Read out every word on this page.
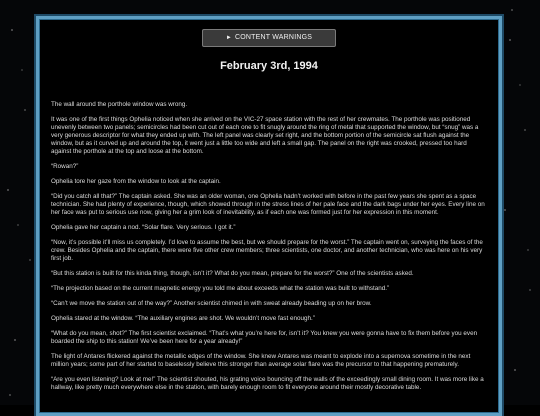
► CONTENT WARNINGS
February 3rd, 1994

The wall around the porthole window was wrong.

It was one of the first things Ophelia noticed when she arrived on the VIC-27 space station with the rest of her crewmates. The porthole was positioned unevenly between two panels; semicircles had been cut out of each one to fit snugly around the ring of metal that supported the window, but “snug” was a very generous descriptor for what they ended up with. The left panel was clearly set right, and the bottom portion of the semicircle sat flush against the window, but as it curved up and around the top, it went just a little too wide and left a small gap. The panel on the right was crooked, pressed too hard against the porthole at the top and loose at the bottom.

“Rowan?”

Ophelia tore her gaze from the window to look at the captain.

“Did you catch all that?” The captain asked. She was an older woman, one Ophelia hadn’t worked with before in the past few years she spent as a space technician. She had plenty of experience, though, which showed through in the stress lines of her pale face and the dark bags under her eyes. Every line on her face was put to serious use now, giving her a grim look of inevitability, as if each one was formed just for her expression in this moment.

Ophelia gave her captain a nod. “Solar flare. Very serious. I got it.”

“Now, it’s possible it’ll miss us completely. I’d love to assume the best, but we should prepare for the worst.” The captain went on, surveying the faces of the crew. Besides Ophelia and the captain, there were five other crew members; three scientists, one doctor, and another technician, who was here on his very first job.

“But this station is built for this kinda thing, though, isn’t it? What do you mean, prepare for the worst?” One of the scientists asked.

“The projection based on the current magnetic energy you told me about exceeds what the station was built to withstand.”

“Can’t we move the station out of the way?” Another scientist chimed in with sweat already beading up on her brow.

Ophelia stared at the window. “The auxiliary engines are shot. We wouldn’t move fast enough.”

“What do you mean, shot?” The first scientist exclaimed. “That’s what you’re here for, isn’t it? You knew you were gonna have to fix them before you even boarded the ship to this station! We’ve been here for a year already!”

The light of Antares flickered against the metallic edges of the window. She knew Antares was meant to explode into a supernova sometime in the next million years; some part of her started to baselessly believe this stronger than average solar flare was the precursor to that happening prematurely.

“Are you even listening? Look at me!” The scientist shouted, his grating voice bouncing off the walls of the exceedingly small dining room. It was more like a hallway, like pretty much everywhere else in the station, with barely enough room to fit everyone around their mostly decorative table.
